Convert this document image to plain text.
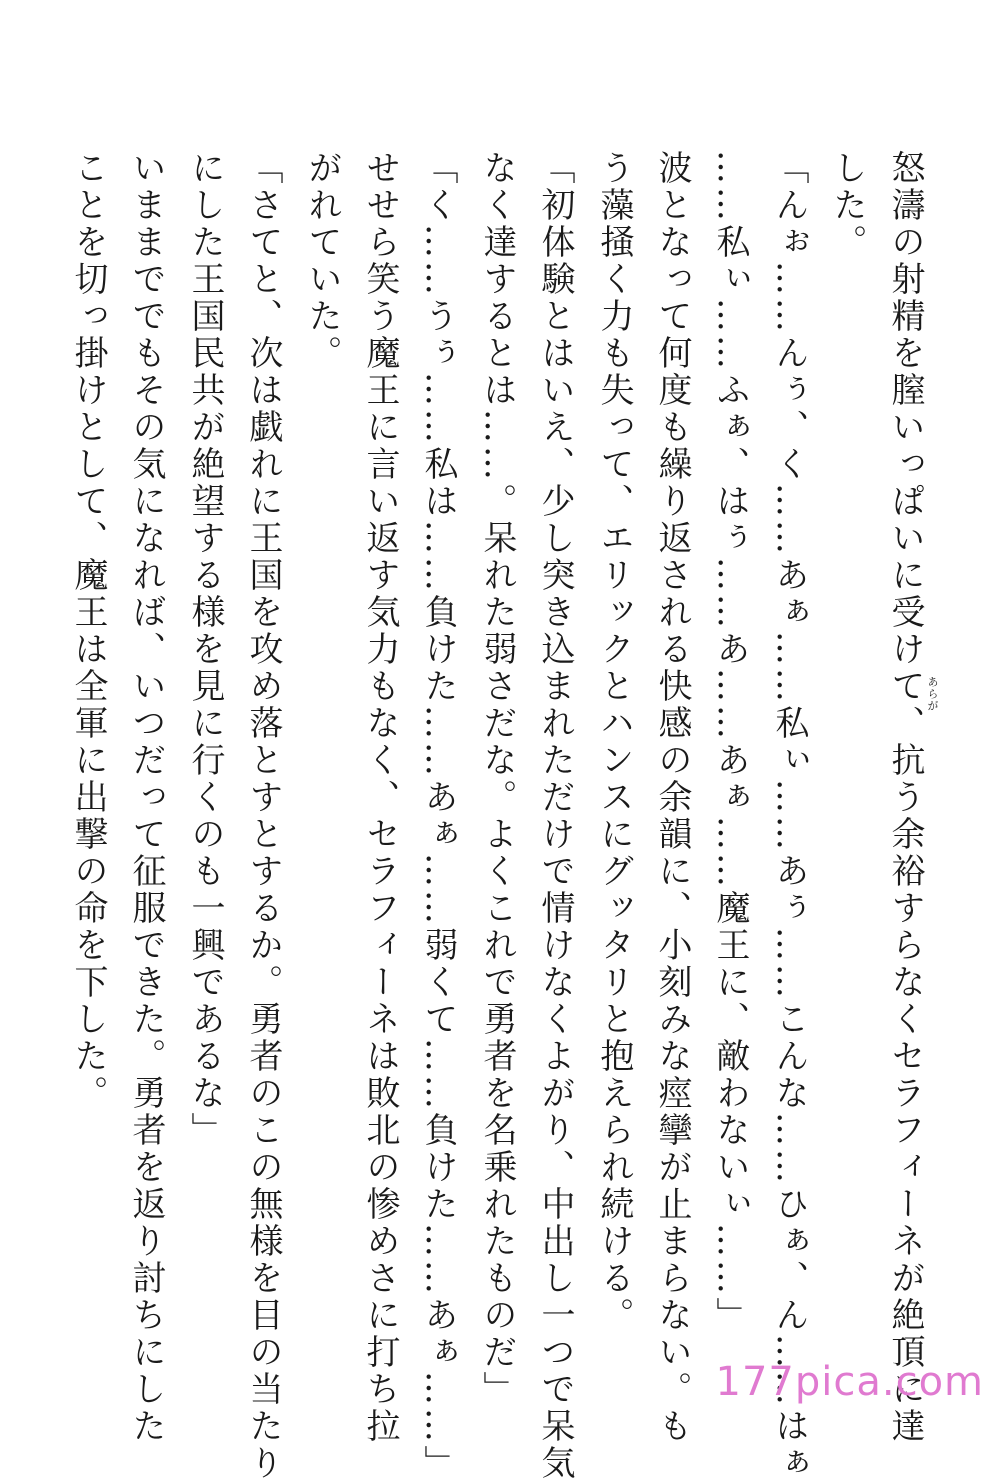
怒濤の射精を膣いっぱいに受けて、抗う余裕すらなくセラフィーネが絶頂に達 あらが
した。
「んぉ……んぅ、く……あぁ……私ぃ……あぅ……こんな……ひぁ、ん……はぁ
……私ぃ……ふぁ、はぅ……あ……あぁ……魔王に、敵わないぃ……」
波となって何度も繰り返される快感の余韻に、小刻みな痙攣が止まらない。も
う藻掻く力も失って、エリックとハンスにグッタリと抱えられ続ける。
「初体験とはいえ、少し突き込まれただけで情けなくよがり、中出し一つで呆気
なく達するとは……。呆れた弱さだな。よくこれで勇者を名乗れたものだ」
「く……うぅ……私は……負けた……あぁ……弱くて……負けた……あぁ……」
せせら笑う魔王に言い返す気力もなく、セラフィーネは敗北の惨めさに打ち拉
がれていた。
「さてと、次は戯れに王国を攻め落とすとするか。勇者のこの無様を目の当たり
にした王国民共が絶望する様を見に行くのも一興であるな」
いままででもその気になれば、いつだって征服できた。勇者を返り討ちにした
ことを切っ掛けとして、魔王は全軍に出撃の命を下した。
177pica.com
